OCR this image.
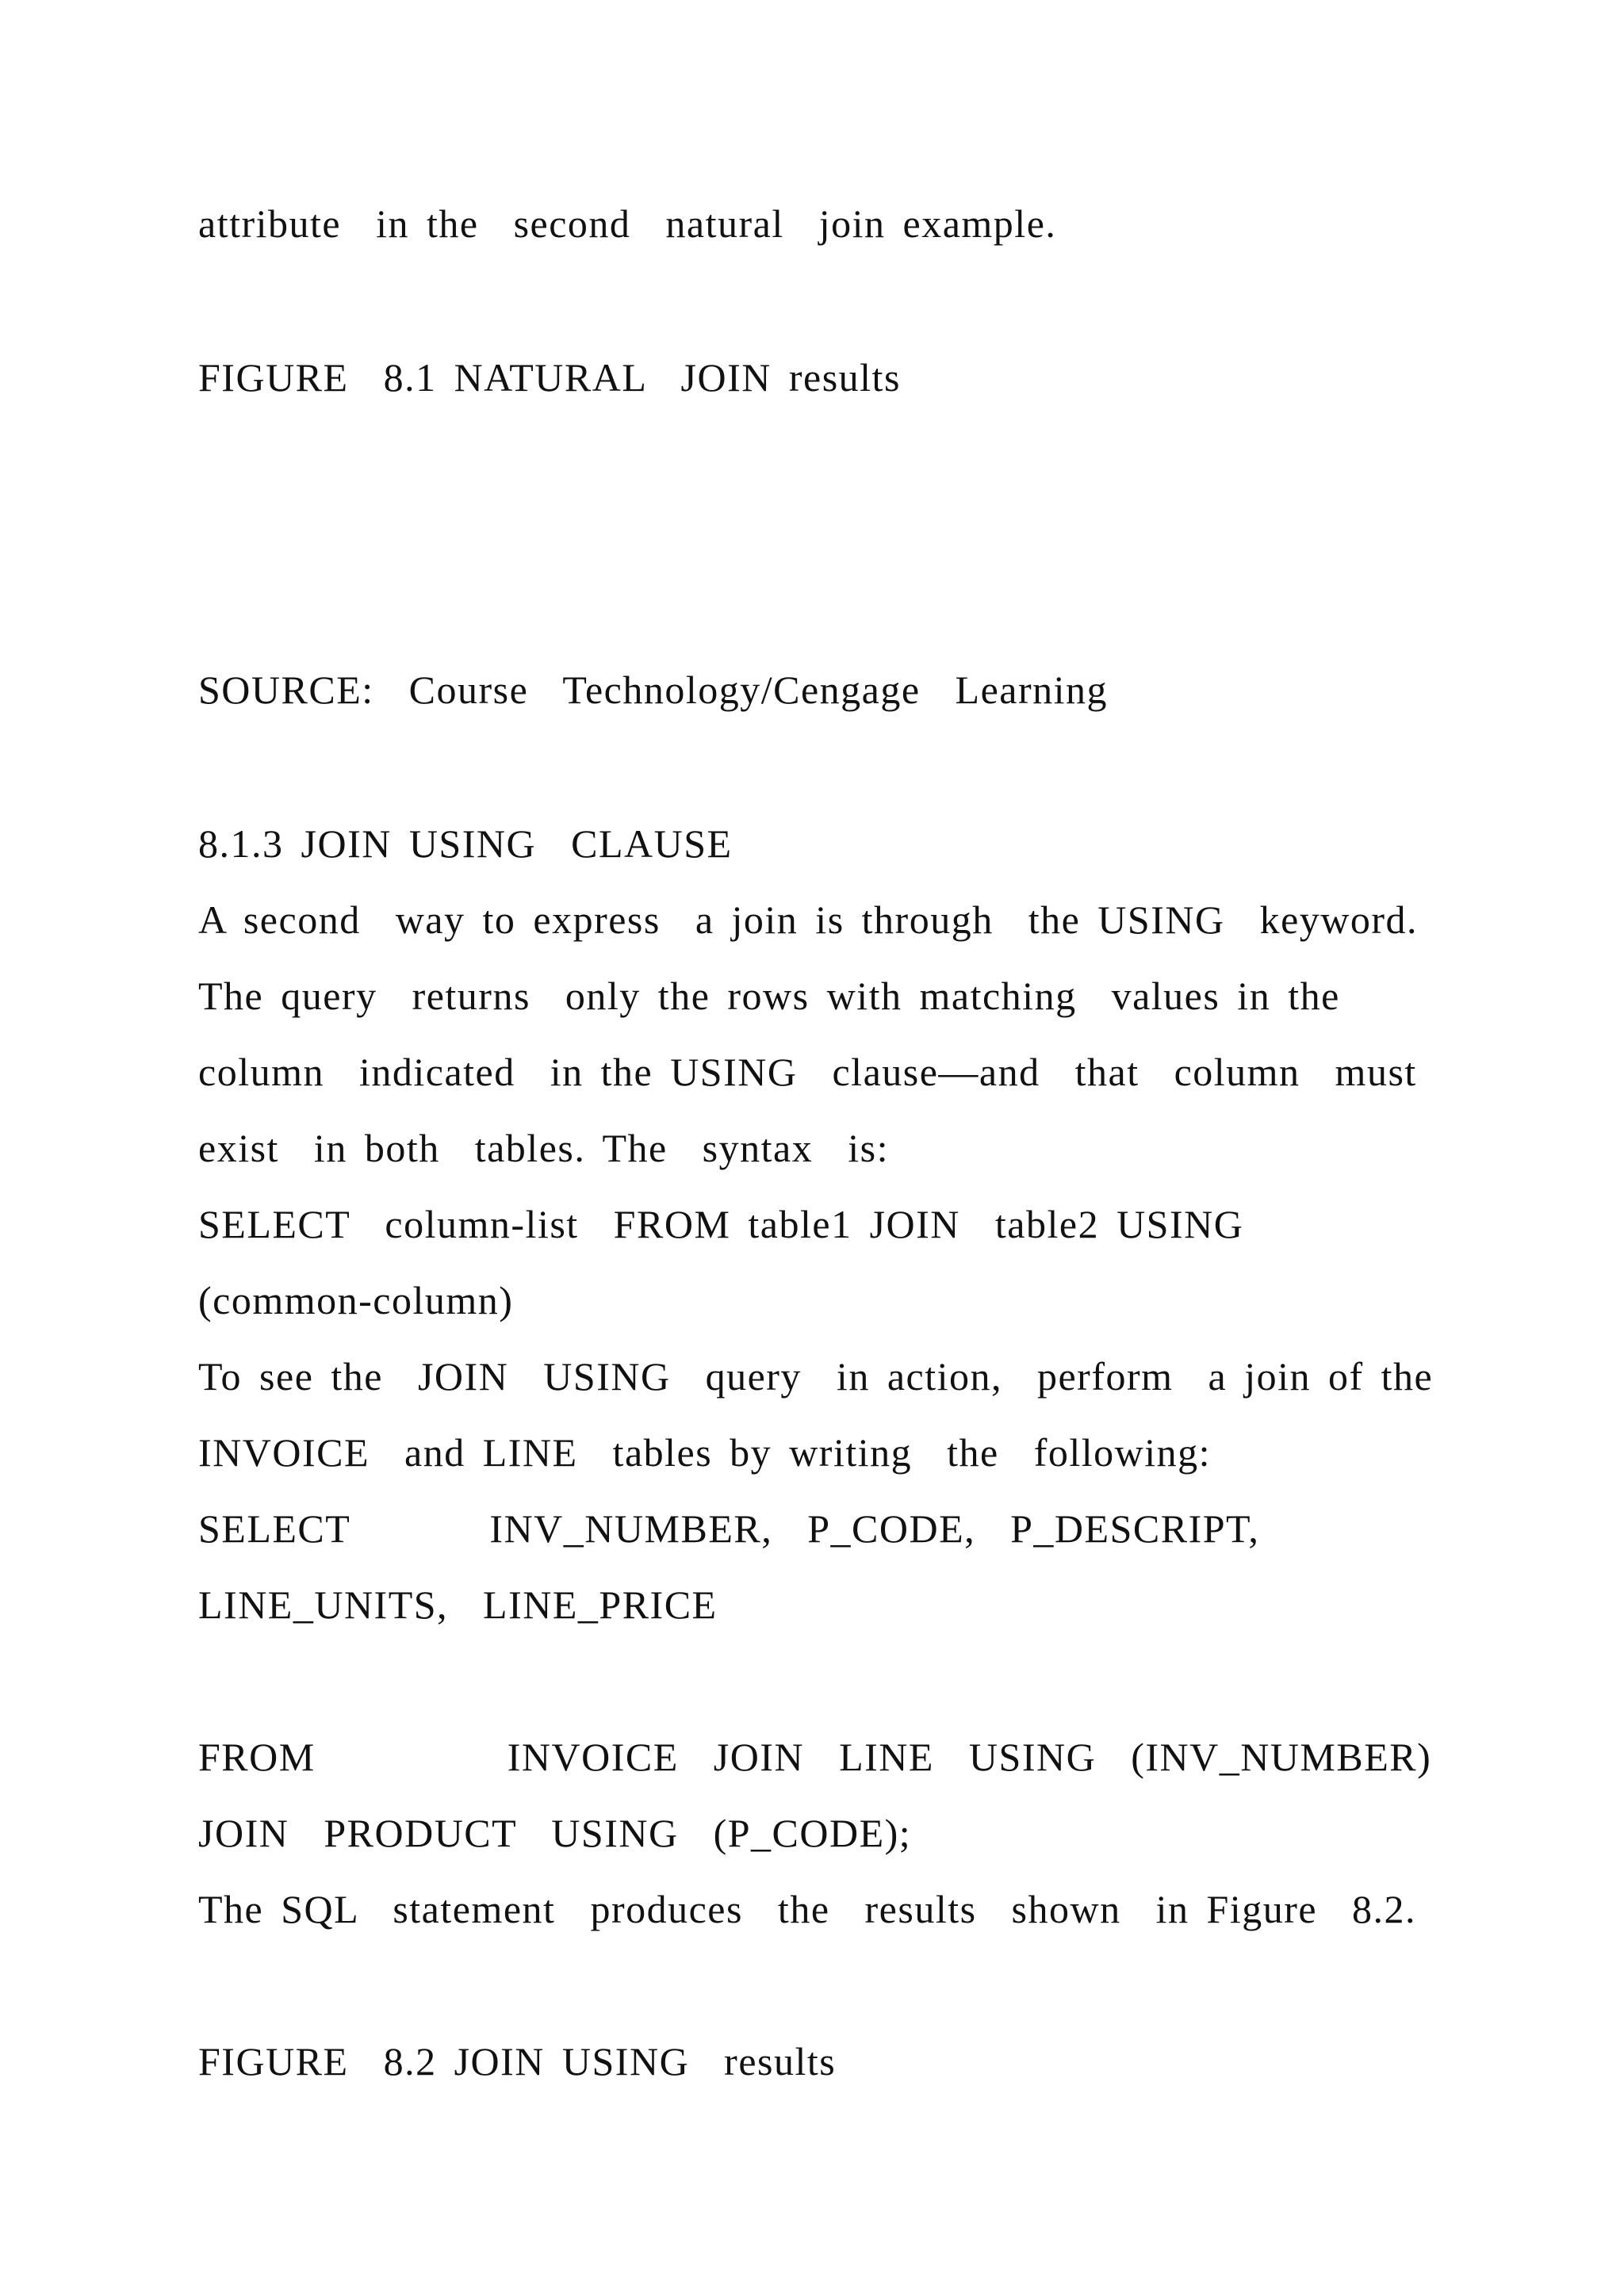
attribute  in the  second  natural  join example.
FIGURE  8.1 NATURAL  JOIN results
SOURCE:  Course  Technology/Cengage  Learning
8.1.3 JOIN USING  CLAUSE
A second  way to express  a join is through  the USING  keyword.
The query  returns  only the rows with matching  values in the
column  indicated  in the USING  clause—and  that  column  must
exist  in both  tables. The  syntax  is:
SELECT  column-list  FROM table1 JOIN  table2 USING
(common-column)
To see the  JOIN  USING  query  in action,  perform  a join of the
INVOICE  and LINE  tables by writing  the  following:
SELECT        INV_NUMBER,  P_CODE,  P_DESCRIPT,
LINE_UNITS,  LINE_PRICE
FROM           INVOICE  JOIN  LINE  USING  (INV_NUMBER)
JOIN  PRODUCT  USING  (P_CODE);
The SQL  statement  produces  the  results  shown  in Figure  8.2.
FIGURE  8.2 JOIN USING  results
